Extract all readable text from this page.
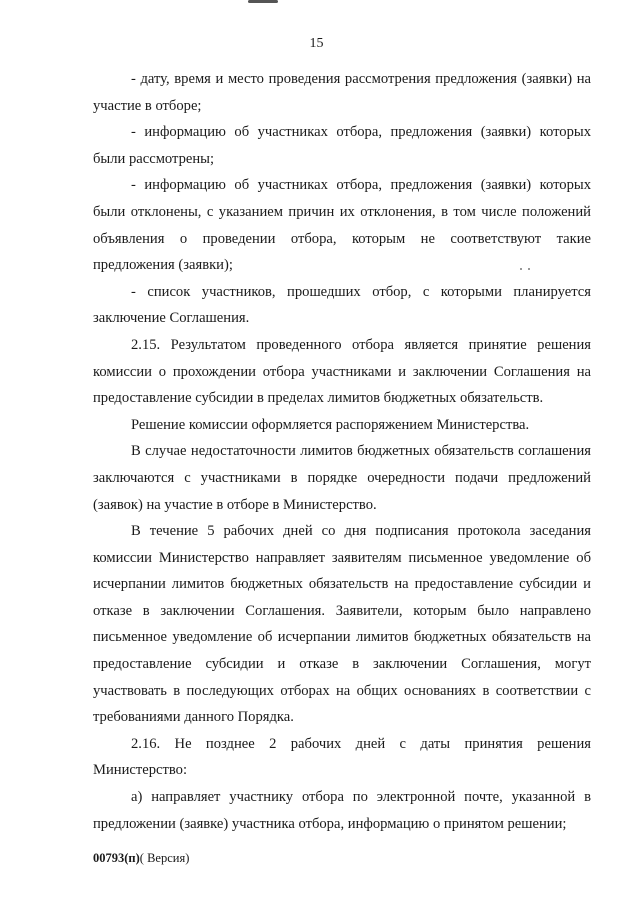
15

- дату, время и место проведения рассмотрения предложения (заявки) на участие в отборе;

- информацию об участниках отбора, предложения (заявки) которых были рассмотрены;

- информацию об участниках отбора, предложения (заявки) которых были отклонены, с указанием причин их отклонения, в том числе положений объявления о проведении отбора, которым не соответствуют такие предложения (заявки);

- список участников, прошедших отбор, с которыми планируется заключение Соглашения.

2.15. Результатом проведенного отбора является принятие решения комиссии о прохождении отбора участниками и заключении Соглашения на предоставление субсидии в пределах лимитов бюджетных обязательств.

Решение комиссии оформляется распоряжением Министерства.

В случае недостаточности лимитов бюджетных обязательств соглашения заключаются с участниками в порядке очередности подачи предложений (заявок) на участие в отборе в Министерство.

В течение 5 рабочих дней со дня подписания протокола заседания комиссии Министерство направляет заявителям письменное уведомление об исчерпании лимитов бюджетных обязательств на предоставление субсидии и отказе в заключении Соглашения. Заявители, которым было направлено письменное уведомление об исчерпании лимитов бюджетных обязательств на предоставление субсидии и отказе в заключении Соглашения, могут участвовать в последующих отборах на общих основаниях в соответствии с требованиями данного Порядка.

2.16. Не позднее 2 рабочих дней с даты принятия решения Министерство:

а) направляет участнику отбора по электронной почте, указанной в предложении (заявке) участника отбора, информацию о принятом решении;

00793(п)( Версия)
